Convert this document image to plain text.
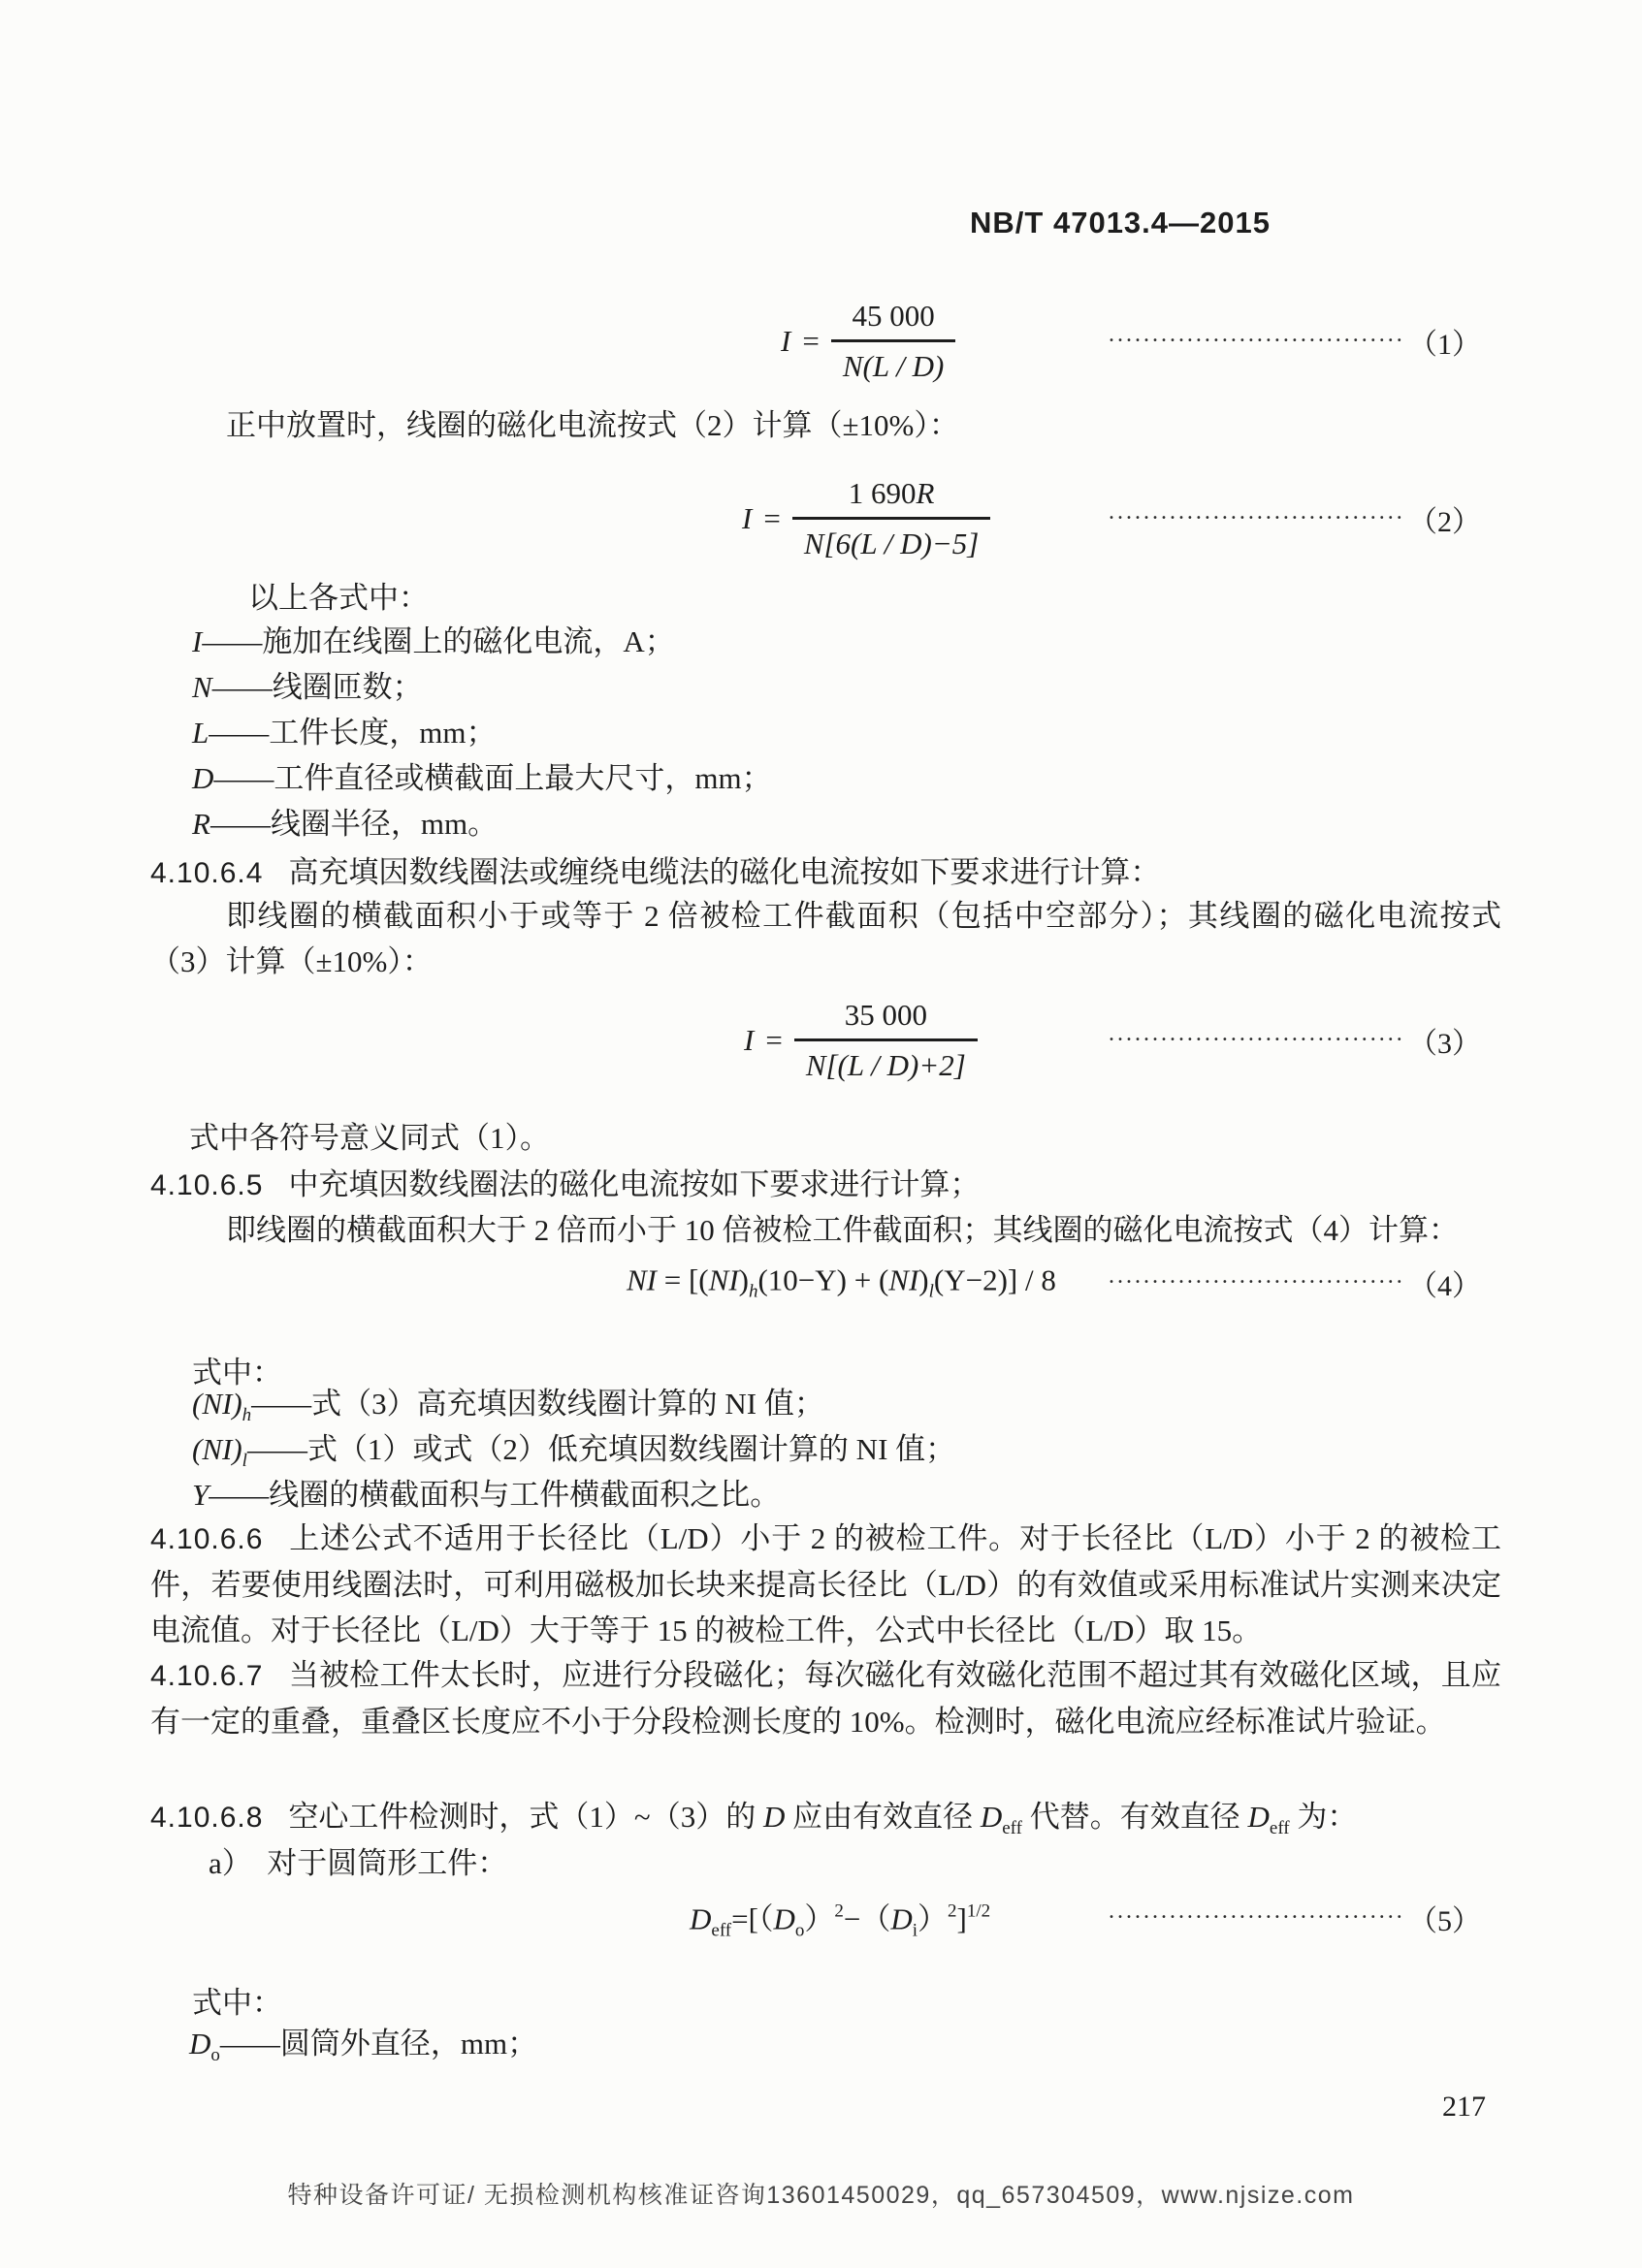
NB/T 47013.4—2015
$I = \frac{45 000}{N(L / D)}$	·································· （1）

正中放置时，线圈的磁化电流按式（2）计算（±10%）：

$I = \frac{1 690R}{N[6(L / D)-5]}$	·································· （2）
以上各式中：
I——施加在线圈上的磁化电流，A；
N——线圈匝数；
L——工件长度，mm；
D——工件直径或横截面上最大尺寸，mm；
R——线圈半径，mm。

4.10.6.4 高充填因数线圈法或缠绕电缆法的磁化电流按如下要求进行计算：

即线圈的横截面积小于或等于 2 倍被检工件截面积（包括中空部分）；其线圈的磁化电流按式（3）计算（±10%）：

$I = \frac{35 000}{N[(L / D)+2]}$	·································· （3）

式中各符号意义同式（1）。

4.10.6.5 中充填因数线圈法的磁化电流按如下要求进行计算；

即线圈的横截面积大于 2 倍而小于 10 倍被检工件截面积；其线圈的磁化电流按式（4）计算：

NI = $[(NI)_h(10-Y) + (NI)_l(Y-2)] / 8$ ·································· （4）
式中：
$(NI)_h——$式（3）高充填因数线圈计算的 NI 值；
$(NI)_l——$式（1）或式（2）低充填因数线圈计算的 NI 值；
Y——线圈的横截面积与工件横截面积之比。

4.10.6.6 上述公式不适用于长径比（L/D）小于 2 的被检工件。对于长径比（L/D）小于 2 的被检工件，若要使用线圈法时，可利用磁极加长块来提高长径比（L/D）的有效值或采用标准试片实测来决定电流值。对于长径比（L/D）大于等于 15 的被检工件，公式中长径比（L/D）取 15。

4.10.6.7 当被检工件太长时，应进行分段磁化；每次磁化有效磁化范围不超过其有效磁化区域，且应有一定的重叠，重叠区长度应不小于分段检测长度的 10%。检测时，磁化电流应经标准试片验证。

4.10.6.8 空心工件检测时，式（1）~（3）的 D 应由有效直径 $D_{eff}$ 代替。有效直径 $D_{eff}$ 为：

a）　对于圆筒形工件：
$D_{eff}=[(D_o)^2-(D_i)^2]^{1/2}$	·································· （5）
式中：
$D_o——$圆筒外直径，mm；
217
特种设备许可证/ 无损检测机构核准证咨询13601450029，qq_657304509，www.njsize.com
